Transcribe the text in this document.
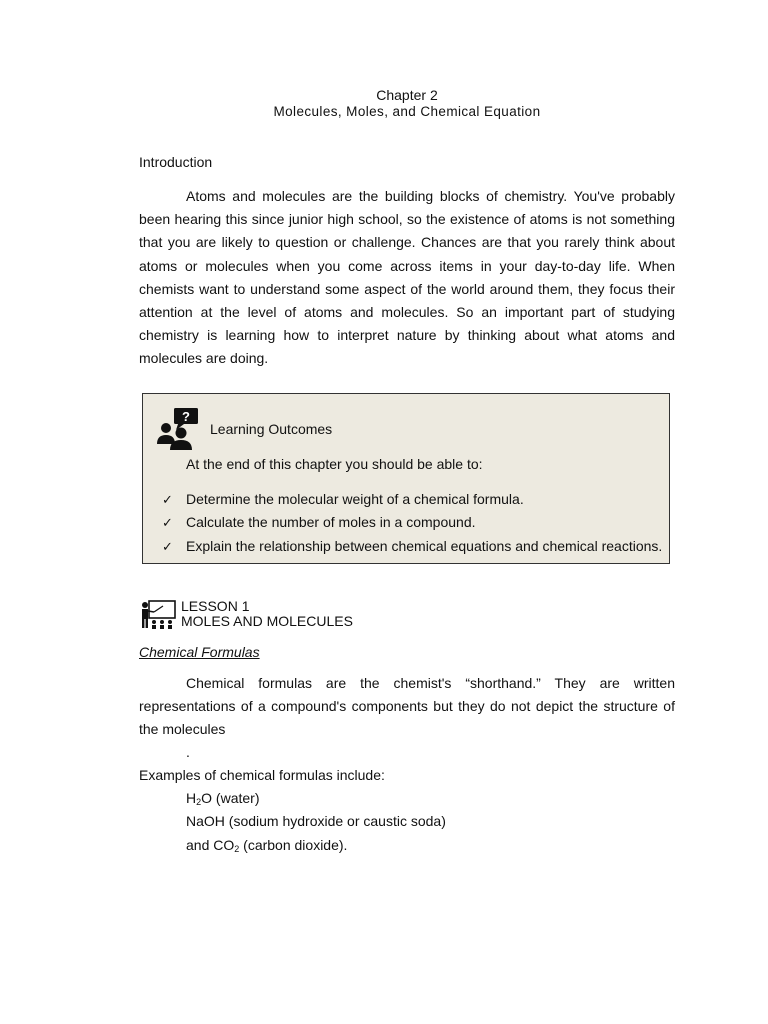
Chapter 2
Molecules, Moles, and Chemical Equation
Introduction
Atoms and molecules are the building blocks of chemistry. You've probably been hearing this since junior high school, so the existence of atoms is not something that you are likely to question or challenge. Chances are that you rarely think about atoms or molecules when you come across items in your day-to-day life. When chemists want to understand some aspect of the world around them, they focus their attention at the level of atoms and molecules. So an important part of studying chemistry is learning how to interpret nature by thinking about what atoms and molecules are doing.
?
Learning Outcomes
At the end of this chapter you should be able to:
✓ Determine the molecular weight of a chemical formula.
✓ Calculate the number of moles in a compound.
✓ Explain the relationship between chemical equations and chemical reactions.
LESSON 1
MOLES AND MOLECULES
Chemical Formulas
Chemical formulas are the chemist's “shorthand.” They are written representations of a compound's components but they do not depict the structure of the molecules
.
Examples of chemical formulas include:
$H_2O$ (water)
NaOH (sodium hydroxide or caustic soda)
and $CO_2$ (carbon dioxide).
